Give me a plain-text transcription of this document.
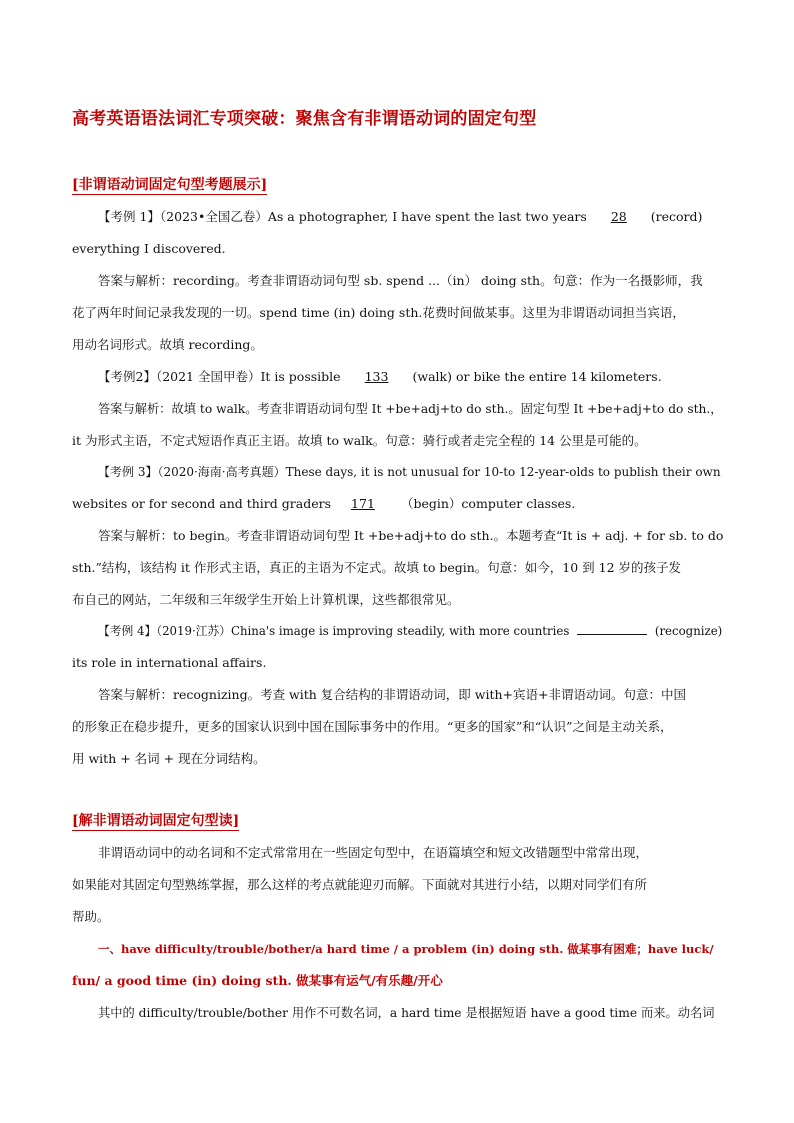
高考英语语法词汇专项突破：聚焦含有非谓语动词的固定句型
[非谓语动词固定句型考题展示]
【考例 1】（2023•全国乙卷）As a photographer, I have spent the last two years 28 (record)
everything I discovered.
答案与解析：recording。考查非谓语动词句型 sb. spend ...（in） doing sth。句意：作为一名摄影师，我
花了两年时间记录我发现的一切。spend time (in) doing sth.花费时间做某事。这里为非谓语动词担当宾语，
用动名词形式。故填 recording。
【考例2】（2021 全国甲卷）It is possible 133 (walk) or bike the entire 14 kilometers.
答案与解析：故填 to walk。考查非谓语动词句型 It +be+adj+to do sth.。固定句型 It +be+adj+to do sth.，
it 为形式主语，不定式短语作真正主语。故填 to walk。句意：骑行或者走完全程的 14 公里是可能的。
【考例 3】（2020·海南·高考真题）These days, it is not unusual for 10-to 12-year-olds to publish their own
websites or for second and third graders 171 （begin）computer classes.
答案与解析：to begin。考查非谓语动词句型 It +be+adj+to do sth.。本题考查“It is + adj. + for sb. to do
sth.”结构，该结构 it 作形式主语，真正的主语为不定式。故填 to begin。句意：如今，10 到 12 岁的孩子发
布自己的网站，二年级和三年级学生开始上计算机课，这些都很常见。
【考例 4】（2019·江苏）China's image is improving steadily, with more countries	(recognize)
its role in international affairs.
答案与解析：recognizing。考查 with 复合结构的非谓语动词，即 with+宾语+非谓语动词。句意：中国
的形象正在稳步提升，更多的国家认识到中国在国际事务中的作用。“更多的国家”和“认识”之间是主动关系，
用 with + 名词 + 现在分词结构。
[解非谓语动词固定句型读]
非谓语动词中的动名词和不定式常常用在一些固定句型中，在语篇填空和短文改错题型中常常出现，
如果能对其固定句型熟练掌握，那么这样的考点就能迎刃而解。下面就对其进行小结，以期对同学们有所
帮助。
一、have difficulty/trouble/bother/a hard time / a problem (in) doing sth. 做某事有困难；have luck/
fun/ a good time (in) doing sth. 做某事有运气/有乐趣/开心
其中的 difficulty/trouble/bother 用作不可数名词，a hard time 是根据短语 have a good time 而来。动名词
